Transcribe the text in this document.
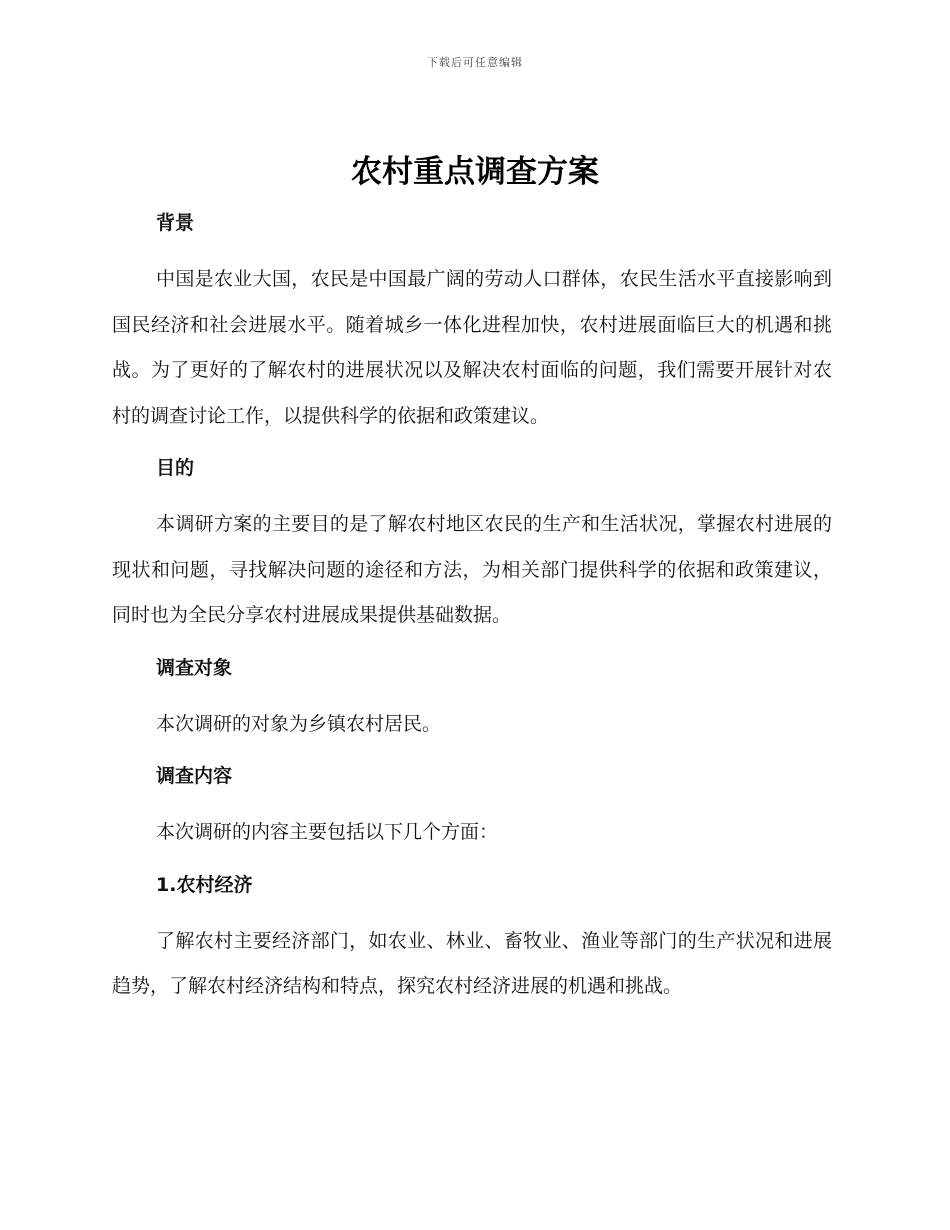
下载后可任意编辑
农村重点调查方案
背景

中国是农业大国，农民是中国最广阔的劳动人口群体，农民生活水平直接影响到国民经济和社会进展水平。随着城乡一体化进程加快，农村进展面临巨大的机遇和挑战。为了更好的了解农村的进展状况以及解决农村面临的问题，我们需要开展针对农村的调查讨论工作，以提供科学的依据和政策建议。

目的

本调研方案的主要目的是了解农村地区农民的生产和生活状况，掌握农村进展的现状和问题，寻找解决问题的途径和方法，为相关部门提供科学的依据和政策建议，同时也为全民分享农村进展成果提供基础数据。

调查对象

本次调研的对象为乡镇农村居民。

调查内容

本次调研的内容主要包括以下几个方面：

1.农村经济

了解农村主要经济部门，如农业、林业、畜牧业、渔业等部门的生产状况和进展趋势，了解农村经济结构和特点，探究农村经济进展的机遇和挑战。
